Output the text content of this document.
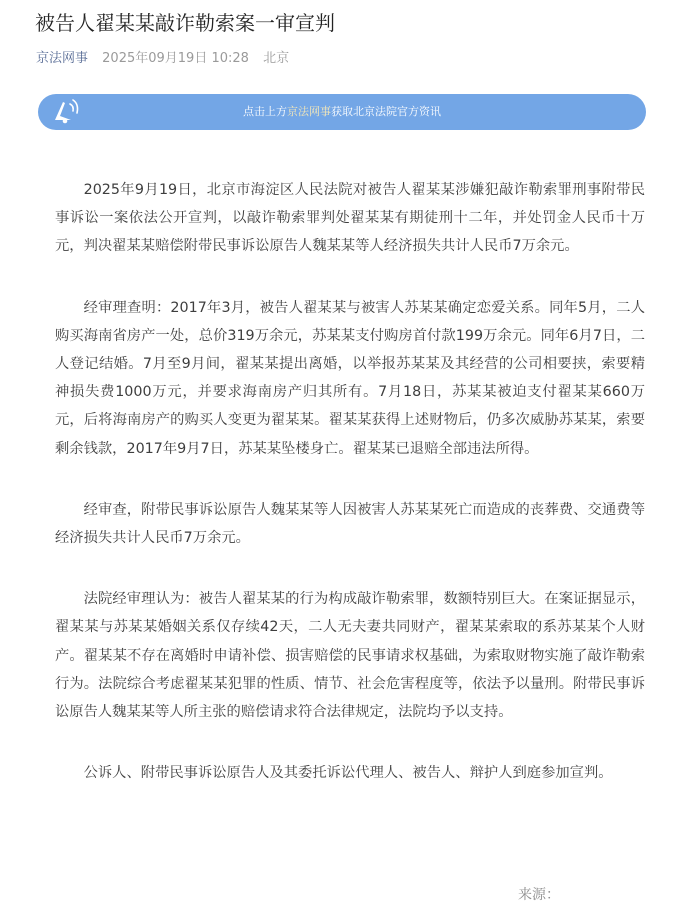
被告人翟某某敲诈勒索案一审宣判
京法网事 2025年09月19日 10:28 北京
点击上方京法网事获取北京法院官方资讯

2025年9月19日，北京市海淀区人民法院对被告人翟某某涉嫌犯敲诈勒索罪刑事附带民事诉讼一案依法公开宣判，以敲诈勒索罪判处翟某某有期徒刑十二年，并处罚金人民币十万元，判决翟某某赔偿附带民事诉讼原告人魏某某等人经济损失共计人民币7万余元。

经审理查明：2017年3月，被告人翟某某与被害人苏某某确定恋爱关系。同年5月，二人购买海南省房产一处，总价319万余元，苏某某支付购房首付款199万余元。同年6月7日，二人登记结婚。7月至9月间，翟某某提出离婚，以举报苏某某及其经营的公司相要挟，索要精神损失费1000万元，并要求海南房产归其所有。7月18日，苏某某被迫支付翟某某660万元，后将海南房产的购买人变更为翟某某。翟某某获得上述财物后，仍多次威胁苏某某，索要剩余钱款，2017年9月7日，苏某某坠楼身亡。翟某某已退赔全部违法所得。

经审查，附带民事诉讼原告人魏某某等人因被害人苏某某死亡而造成的丧葬费、交通费等经济损失共计人民币7万余元。

法院经审理认为：被告人翟某某的行为构成敲诈勒索罪，数额特别巨大。在案证据显示，翟某某与苏某某婚姻关系仅存续42天，二人无夫妻共同财产，翟某某索取的系苏某某个人财产。翟某某不存在离婚时申请补偿、损害赔偿的民事请求权基础，为索取财物实施了敲诈勒索行为。法院综合考虑翟某某犯罪的性质、情节、社会危害程度等，依法予以量刑。附带民事诉讼原告人魏某某等人所主张的赔偿请求符合法律规定，法院均予以支持。

公诉人、附带民事诉讼原告人及其委托诉讼代理人、被告人、辩护人到庭参加宣判。

来源：
